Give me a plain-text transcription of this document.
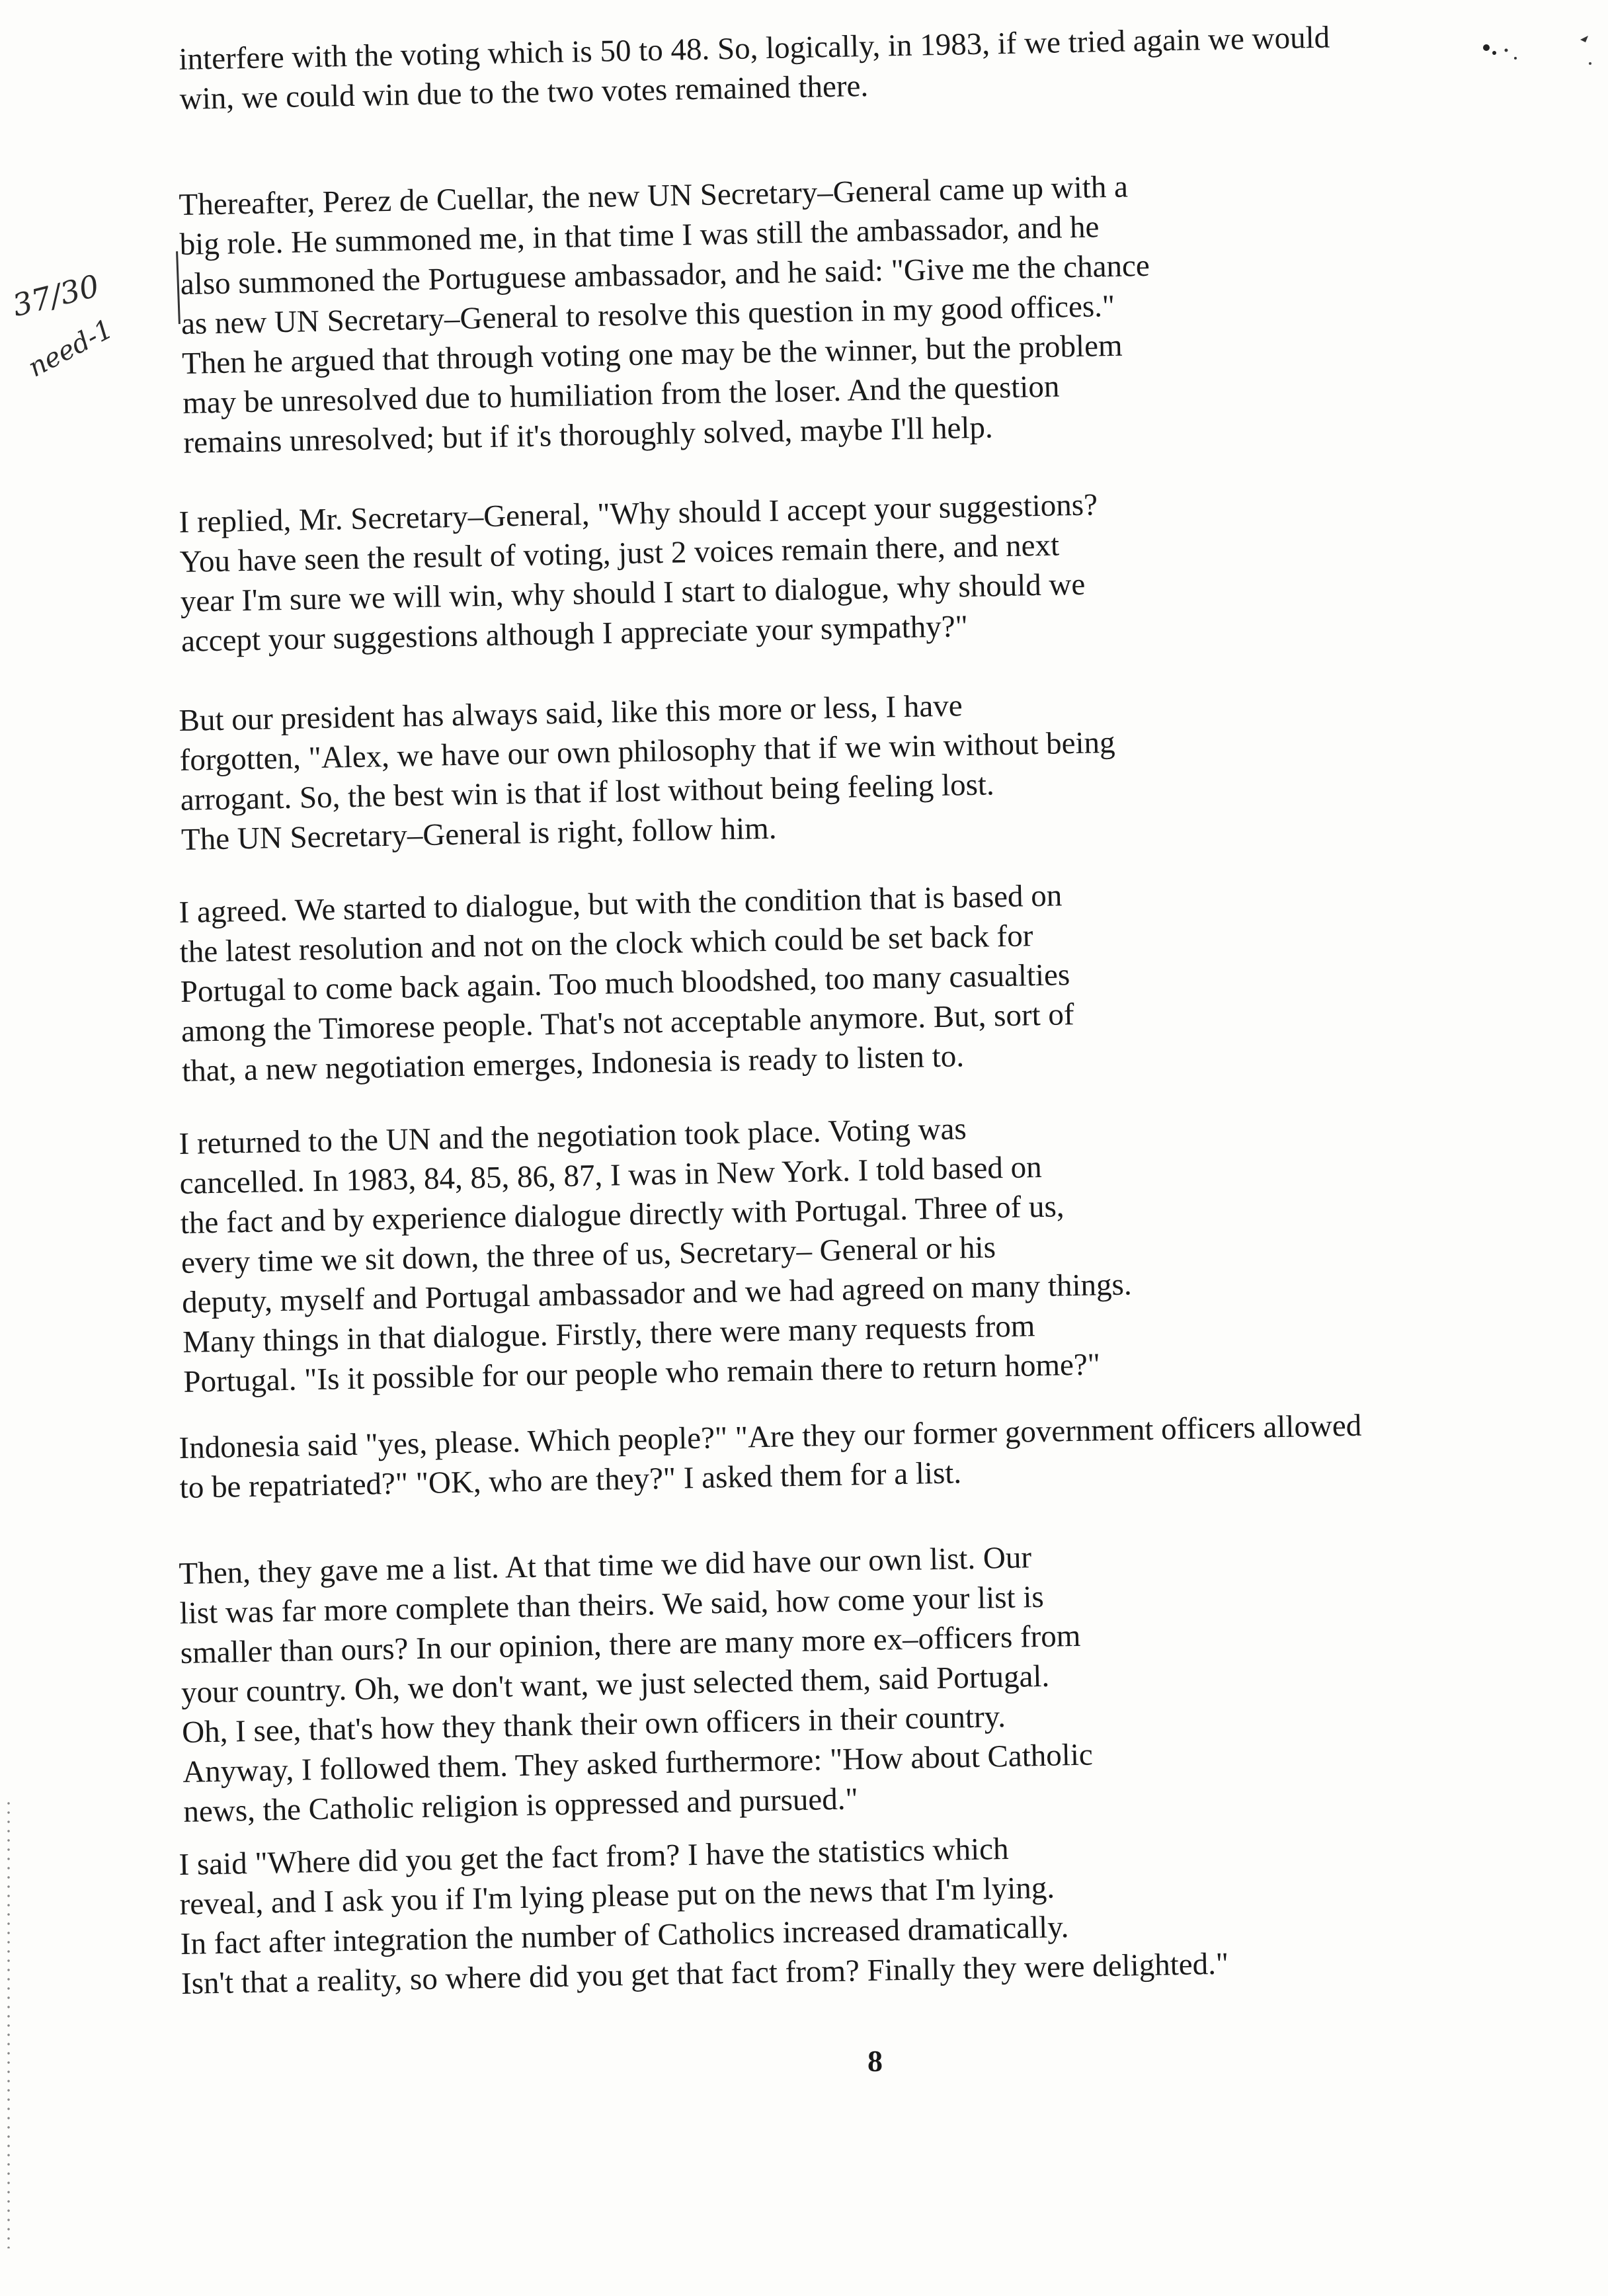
37/30
need-1
interfere with the voting which is 50 to 48. So, logically, in 1983, if we tried again we would
win, we could win due to the two votes remained there.
Thereafter, Perez de Cuellar, the new UN Secretary–General came up with a
big role. He summoned me, in that time I was still the ambassador, and he
also summoned the Portuguese ambassador, and he said: "Give me the chance
as new UN Secretary–General to resolve this question in my good offices."
Then he argued that through voting one may be the winner, but the problem
may be unresolved due to humiliation from the loser. And the question
remains unresolved; but if it's thoroughly solved, maybe I'll help.
I replied, Mr. Secretary–General, "Why should I accept your suggestions?
You have seen the result of voting, just 2 voices remain there, and next
year I'm sure we will win, why should I start to dialogue, why should we
accept your suggestions although I appreciate your sympathy?"
But our president has always said, like this more or less, I have
forgotten, "Alex, we have our own philosophy that if we win without being
arrogant. So, the best win is that if lost without being feeling lost.
The UN Secretary–General is right, follow him.
I agreed. We started to dialogue, but with the condition that is based on
the latest resolution and not on the clock which could be set back for
Portugal to come back again. Too much bloodshed, too many casualties
among the Timorese people. That's not acceptable anymore. But, sort of
that, a new negotiation emerges, Indonesia is ready to listen to.
I returned to the UN and the negotiation took place. Voting was
cancelled. In 1983, 84, 85, 86, 87, I was in New York. I told based on
the fact and by experience dialogue directly with Portugal. Three of us,
every time we sit down, the three of us, Secretary– General or his
deputy, myself and Portugal ambassador and we had agreed on many things.
Many things in that dialogue. Firstly, there were many requests from
Portugal. "Is it possible for our people who remain there to return home?"
Indonesia said "yes, please. Which people?" "Are they our former government officers allowed
to be repatriated?" "OK, who are they?" I asked them for a list.
Then, they gave me a list. At that time we did have our own list. Our
list was far more complete than theirs. We said, how come your list is
smaller than ours? In our opinion, there are many more ex–officers from
your country. Oh, we don't want, we just selected them, said Portugal.
Oh, I see, that's how they thank their own officers in their country.
Anyway, I followed them. They asked furthermore: "How about Catholic
news, the Catholic religion is oppressed and pursued."
I said "Where did you get the fact from? I have the statistics which
reveal, and I ask you if I'm lying please put on the news that I'm lying.
In fact after integration the number of Catholics increased dramatically.
Isn't that a reality, so where did you get that fact from? Finally they were delighted."
8
